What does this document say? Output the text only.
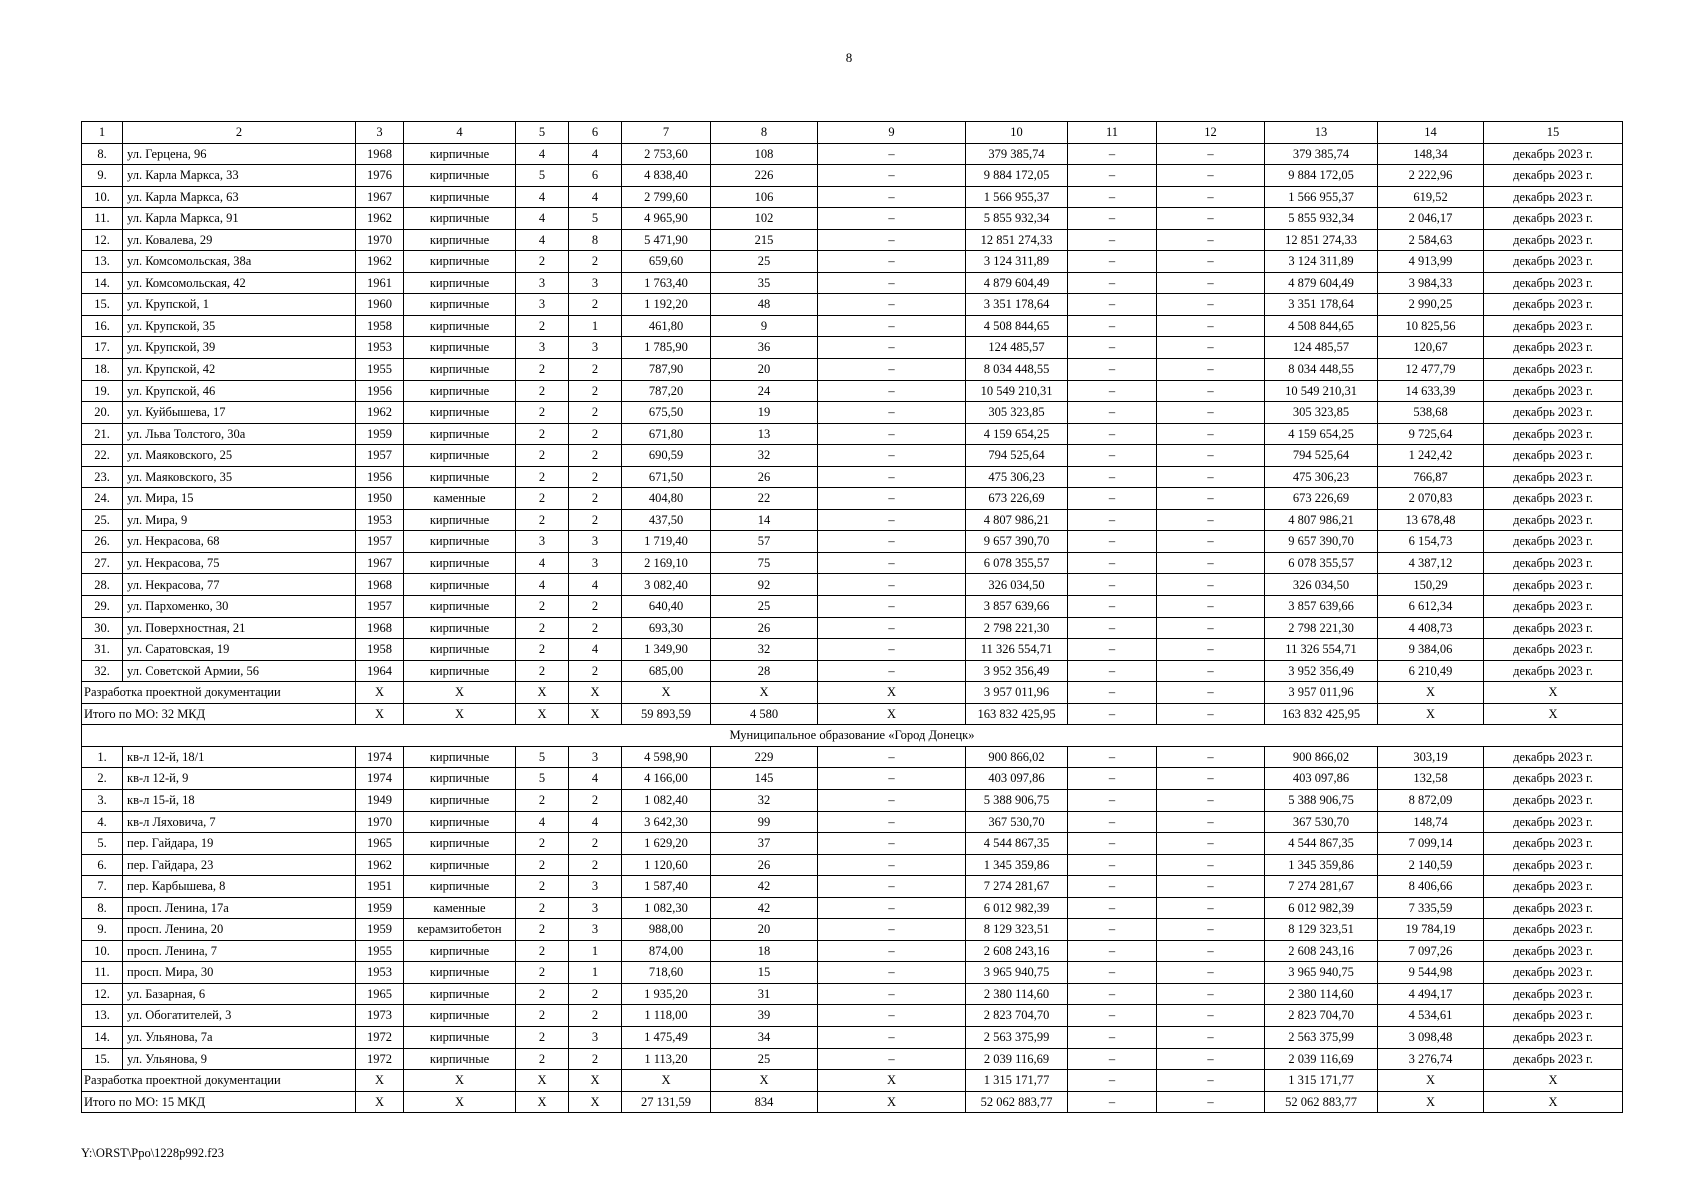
8
1	2	3	4	5	6	7	8	9	10	11	12	13	14	15
8.	ул. Герцена, 96	1968	кирпичные	4	4	2 753,60	108	–	379 385,74	–	–	379 385,74	148,34	декабрь 2023 г.
9.	ул. Карла Маркса, 33	1976	кирпичные	5	6	4 838,40	226	–	9 884 172,05	–	–	9 884 172,05	2 222,96	декабрь 2023 г.
10.	ул. Карла Маркса, 63	1967	кирпичные	4	4	2 799,60	106	–	1 566 955,37	–	–	1 566 955,37	619,52	декабрь 2023 г.
11.	ул. Карла Маркса, 91	1962	кирпичные	4	5	4 965,90	102	–	5 855 932,34	–	–	5 855 932,34	2 046,17	декабрь 2023 г.
12.	ул. Ковалева, 29	1970	кирпичные	4	8	5 471,90	215	–	12 851 274,33	–	–	12 851 274,33	2 584,63	декабрь 2023 г.
13.	ул. Комсомольская, 38а	1962	кирпичные	2	2	659,60	25	–	3 124 311,89	–	–	3 124 311,89	4 913,99	декабрь 2023 г.
14.	ул. Комсомольская, 42	1961	кирпичные	3	3	1 763,40	35	–	4 879 604,49	–	–	4 879 604,49	3 984,33	декабрь 2023 г.
15.	ул. Крупской, 1	1960	кирпичные	3	2	1 192,20	48	–	3 351 178,64	–	–	3 351 178,64	2 990,25	декабрь 2023 г.
16.	ул. Крупской, 35	1958	кирпичные	2	1	461,80	9	–	4 508 844,65	–	–	4 508 844,65	10 825,56	декабрь 2023 г.
17.	ул. Крупской, 39	1953	кирпичные	3	3	1 785,90	36	–	124 485,57	–	–	124 485,57	120,67	декабрь 2023 г.
18.	ул. Крупской, 42	1955	кирпичные	2	2	787,90	20	–	8 034 448,55	–	–	8 034 448,55	12 477,79	декабрь 2023 г.
19.	ул. Крупской, 46	1956	кирпичные	2	2	787,20	24	–	10 549 210,31	–	–	10 549 210,31	14 633,39	декабрь 2023 г.
20.	ул. Куйбышева, 17	1962	кирпичные	2	2	675,50	19	–	305 323,85	–	–	305 323,85	538,68	декабрь 2023 г.
21.	ул. Льва Толстого, 30а	1959	кирпичные	2	2	671,80	13	–	4 159 654,25	–	–	4 159 654,25	9 725,64	декабрь 2023 г.
22.	ул. Маяковского, 25	1957	кирпичные	2	2	690,59	32	–	794 525,64	–	–	794 525,64	1 242,42	декабрь 2023 г.
23.	ул. Маяковского, 35	1956	кирпичные	2	2	671,50	26	–	475 306,23	–	–	475 306,23	766,87	декабрь 2023 г.
24.	ул. Мира, 15	1950	каменные	2	2	404,80	22	–	673 226,69	–	–	673 226,69	2 070,83	декабрь 2023 г.
25.	ул. Мира, 9	1953	кирпичные	2	2	437,50	14	–	4 807 986,21	–	–	4 807 986,21	13 678,48	декабрь 2023 г.
26.	ул. Некрасова, 68	1957	кирпичные	3	3	1 719,40	57	–	9 657 390,70	–	–	9 657 390,70	6 154,73	декабрь 2023 г.
27.	ул. Некрасова, 75	1967	кирпичные	4	3	2 169,10	75	–	6 078 355,57	–	–	6 078 355,57	4 387,12	декабрь 2023 г.
28.	ул. Некрасова, 77	1968	кирпичные	4	4	3 082,40	92	–	326 034,50	–	–	326 034,50	150,29	декабрь 2023 г.
29.	ул. Пархоменко, 30	1957	кирпичные	2	2	640,40	25	–	3 857 639,66	–	–	3 857 639,66	6 612,34	декабрь 2023 г.
30.	ул. Поверхностная, 21	1968	кирпичные	2	2	693,30	26	–	2 798 221,30	–	–	2 798 221,30	4 408,73	декабрь 2023 г.
31.	ул. Саратовская, 19	1958	кирпичные	2	4	1 349,90	32	–	11 326 554,71	–	–	11 326 554,71	9 384,06	декабрь 2023 г.
32.	ул. Советской Армии, 56	1964	кирпичные	2	2	685,00	28	–	3 952 356,49	–	–	3 952 356,49	6 210,49	декабрь 2023 г.
Разработка проектной документации		X	X	X	X	X	X	X	3 957 011,96	–	–	3 957 011,96	X	X
Итого по МО: 32 МКД		X	X	X	X	59 893,59	4 580	X	163 832 425,95	–	–	163 832 425,95	X	X
Муниципальное образование «Город Донецк»														
1.	кв-л 12-й, 18/1	1974	кирпичные	5	3	4 598,90	229	–	900 866,02	–	–	900 866,02	303,19	декабрь 2023 г.
2.	кв-л 12-й, 9	1974	кирпичные	5	4	4 166,00	145	–	403 097,86	–	–	403 097,86	132,58	декабрь 2023 г.
3.	кв-л 15-й, 18	1949	кирпичные	2	2	1 082,40	32	–	5 388 906,75	–	–	5 388 906,75	8 872,09	декабрь 2023 г.
4.	кв-л Ляховича, 7	1970	кирпичные	4	4	3 642,30	99	–	367 530,70	–	–	367 530,70	148,74	декабрь 2023 г.
5.	пер. Гайдара, 19	1965	кирпичные	2	2	1 629,20	37	–	4 544 867,35	–	–	4 544 867,35	7 099,14	декабрь 2023 г.
6.	пер. Гайдара, 23	1962	кирпичные	2	2	1 120,60	26	–	1 345 359,86	–	–	1 345 359,86	2 140,59	декабрь 2023 г.
7.	пер. Карбышева, 8	1951	кирпичные	2	3	1 587,40	42	–	7 274 281,67	–	–	7 274 281,67	8 406,66	декабрь 2023 г.
8.	просп. Ленина, 17а	1959	каменные	2	3	1 082,30	42	–	6 012 982,39	–	–	6 012 982,39	7 335,59	декабрь 2023 г.
9.	просп. Ленина, 20	1959	керамзитобетон	2	3	988,00	20	–	8 129 323,51	–	–	8 129 323,51	19 784,19	декабрь 2023 г.
10.	просп. Ленина, 7	1955	кирпичные	2	1	874,00	18	–	2 608 243,16	–	–	2 608 243,16	7 097,26	декабрь 2023 г.
11.	просп. Мира, 30	1953	кирпичные	2	1	718,60	15	–	3 965 940,75	–	–	3 965 940,75	9 544,98	декабрь 2023 г.
12.	ул. Базарная, 6	1965	кирпичные	2	2	1 935,20	31	–	2 380 114,60	–	–	2 380 114,60	4 494,17	декабрь 2023 г.
13.	ул. Обогатителей, 3	1973	кирпичные	2	2	1 118,00	39	–	2 823 704,70	–	–	2 823 704,70	4 534,61	декабрь 2023 г.
14.	ул. Ульянова, 7а	1972	кирпичные	2	3	1 475,49	34	–	2 563 375,99	–	–	2 563 375,99	3 098,48	декабрь 2023 г.
15.	ул. Ульянова, 9	1972	кирпичные	2	2	1 113,20	25	–	2 039 116,69	–	–	2 039 116,69	3 276,74	декабрь 2023 г.
Разработка проектной документации		X	X	X	X	X	X	X	1 315 171,77	–	–	1 315 171,77	X	X
Итого по МО: 15 МКД		X	X	X	X	27 131,59	834	X	52 062 883,77	–	–	52 062 883,77	X	X
Y:\ORST\Ppo\1228p992.f23
